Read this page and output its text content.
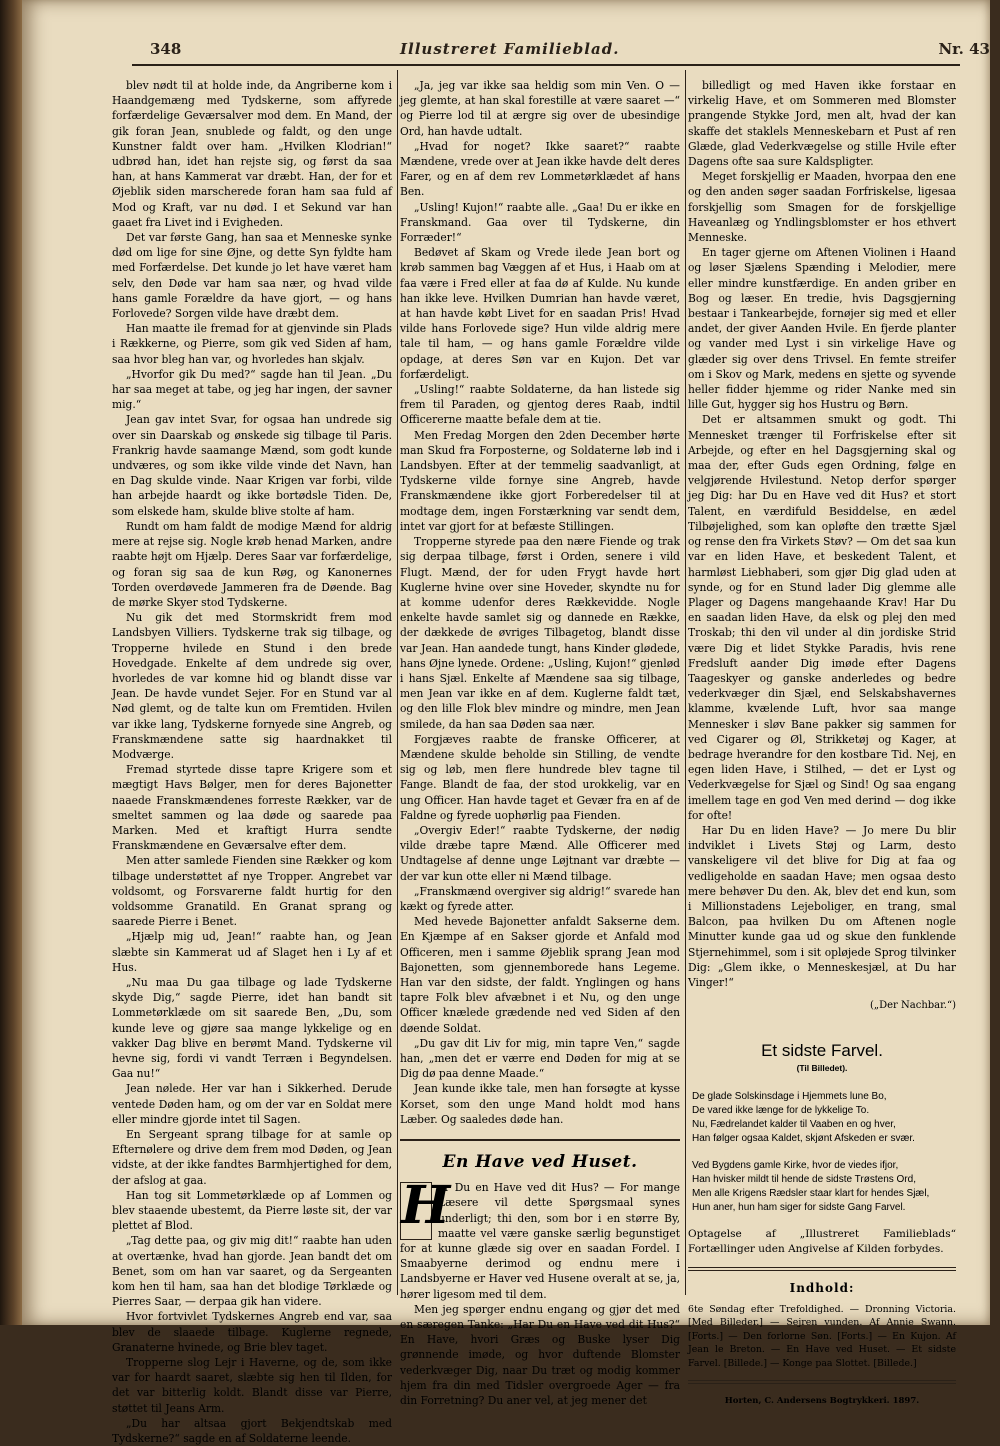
348	Illustreret Familieblad.	Nr. 43

blev nødt til at holde inde, da Angriberne kom i Haandgemæng med Tydskerne, som affyrede forfærdelige Geværsalver mod dem. En Mand, der gik foran Jean, snublede og faldt, og den unge Kunstner faldt over ham. „Hvilken Klodrian!“ udbrød han, idet han rejste sig, og først da saa han, at hans Kammerat var dræbt. Han, der for et Øjeblik siden marscherede foran ham saa fuld af Mod og Kraft, var nu død. I et Sekund var han gaaet fra Livet ind i Evigheden.

Det var første Gang, han saa et Menneske synke død om lige for sine Øjne, og dette Syn fyldte ham med Forfærdelse. Det kunde jo let have været ham selv, den Døde var ham saa nær, og hvad vilde hans gamle Forældre da have gjort, — og hans Forlovede? Sorgen vilde have dræbt dem.

Han maatte ile fremad for at gjenvinde sin Plads i Rækkerne, og Pierre, som gik ved Siden af ham, saa hvor bleg han var, og hvorledes han skjalv.

„Hvorfor gik Du med?“ sagde han til Jean. „Du har saa meget at tabe, og jeg har ingen, der savner mig.“

Jean gav intet Svar, for ogsaa han undrede sig over sin Daarskab og ønskede sig tilbage til Paris. Frankrig havde saamange Mænd, som godt kunde undværes, og som ikke vilde vinde det Navn, han en Dag skulde vinde. Naar Krigen var forbi, vilde han arbejde haardt og ikke bortødsle Tiden. De, som elskede ham, skulde blive stolte af ham.

Rundt om ham faldt de modige Mænd for aldrig mere at rejse sig. Nogle krøb henad Marken, andre raabte højt om Hjælp. Deres Saar var forfærdelige, og foran sig saa de kun Røg, og Kanonernes Torden overdøvede Jammeren fra de Døende. Bag de mørke Skyer stod Tydskerne.

Nu gik det med Stormskridt frem mod Landsbyen Villiers. Tydskerne trak sig tilbage, og Tropperne hvilede en Stund i den brede Hovedgade. Enkelte af dem undrede sig over, hvorledes de var komne hid og blandt disse var Jean. De havde vundet Sejer. For en Stund var al Nød glemt, og de talte kun om Fremtiden. Hvilen var ikke lang, Tydskerne fornyede sine Angreb, og Franskmændene satte sig haardnakket til Modværge.

Fremad styrtede disse tapre Krigere som et mægtigt Havs Bølger, men for deres Bajonetter naaede Franskmændenes forreste Rækker, var de smeltet sammen og laa døde og saarede paa Marken. Med et kraftigt Hurra sendte Franskmændene en Geværsalve efter dem.

Men atter samlede Fienden sine Rækker og kom tilbage understøttet af nye Tropper. Angrebet var voldsomt, og Forsvarerne faldt hurtig for den voldsomme Granatild. En Granat sprang og saarede Pierre i Benet.

„Hjælp mig ud, Jean!“ raabte han, og Jean slæbte sin Kammerat ud af Slaget hen i Ly af et Hus.

„Nu maa Du gaa tilbage og lade Tydskerne skyde Dig,“ sagde Pierre, idet han bandt sit Lommetørklæde om sit saarede Ben, „Du, som kunde leve og gjøre saa mange lykkelige og en vakker Dag blive en berømt Mand. Tydskerne vil hevne sig, fordi vi vandt Terræn i Begyndelsen. Gaa nu!“

Jean nølede. Her var han i Sikkerhed. Derude ventede Døden ham, og om der var en Soldat mere eller mindre gjorde intet til Sagen.

En Sergeant sprang tilbage for at samle op Efternølere og drive dem frem mod Døden, og Jean vidste, at der ikke fandtes Barmhjertighed for dem, der afslog at gaa.

Han tog sit Lommetørklæde op af Lommen og blev staaende ubestemt, da Pierre løste sit, der var plettet af Blod.

„Tag dette paa, og giv mig dit!“ raabte han uden at overtænke, hvad han gjorde. Jean bandt det om Benet, som om han var saaret, og da Sergeanten kom hen til ham, saa han det blodige Tørklæde og Pierres Saar, — derpaa gik han videre.

Hvor fortvivlet Tydskernes Angreb end var, saa blev de slaaede tilbage. Kuglerne regnede, Granaterne hvinede, og Brie blev taget.

Tropperne slog Lejr i Haverne, og de, som ikke var for haardt saaret, slæbte sig hen til Ilden, for det var bitterlig koldt. Blandt disse var Pierre, støttet til Jeans Arm.

„Du har altsaa gjort Bekjendtskab med Tydskerne?“ sagde en af Soldaterne leende.

„Ja, jeg var ikke saa heldig som min Ven. O — jeg glemte, at han skal forestille at være saaret —“ og Pierre lod til at ærgre sig over de ubesindige Ord, han havde udtalt.

„Hvad for noget? Ikke saaret?“ raabte Mændene, vrede over at Jean ikke havde delt deres Farer, og en af dem rev Lommetørklædet af hans Ben.

„Usling! Kujon!“ raabte alle. „Gaa! Du er ikke en Franskmand. Gaa over til Tydskerne, din Forræder!“

Bedøvet af Skam og Vrede ilede Jean bort og krøb sammen bag Væggen af et Hus, i Haab om at faa være i Fred eller at faa dø af Kulde. Nu kunde han ikke leve. Hvilken Dumrian han havde været, at han havde købt Livet for en saadan Pris! Hvad vilde hans Forlovede sige? Hun vilde aldrig mere tale til ham, — og hans gamle Forældre vilde opdage, at deres Søn var en Kujon. Det var forfærdeligt.

„Usling!“ raabte Soldaterne, da han listede sig frem til Paraden, og gjentog deres Raab, indtil Officererne maatte befale dem at tie.

Men Fredag Morgen den 2den December hørte man Skud fra Forposterne, og Soldaterne løb ind i Landsbyen. Efter at der temmelig saadvanligt, at Tydskerne vilde fornye sine Angreb, havde Franskmændene ikke gjort Forberedelser til at modtage dem, ingen Forstærkning var sendt dem, intet var gjort for at befæste Stillingen.

Tropperne styrede paa den nære Fiende og trak sig derpaa tilbage, først i Orden, senere i vild Flugt. Mænd, der for uden Frygt havde hørt Kuglerne hvine over sine Hoveder, skyndte nu for at komme udenfor deres Rækkevidde. Nogle enkelte havde samlet sig og dannede en Række, der dækkede de øvriges Tilbagetog, blandt disse var Jean. Han aandede tungt, hans Kinder glødede, hans Øjne lynede. Ordene: „Usling, Kujon!“ gjenlød i hans Sjæl. Enkelte af Mændene saa sig tilbage, men Jean var ikke en af dem. Kuglerne faldt tæt, og den lille Flok blev mindre og mindre, men Jean smilede, da han saa Døden saa nær.

Forgjæves raabte de franske Officerer, at Mændene skulde beholde sin Stilling, de vendte sig og løb, men flere hundrede blev tagne til Fange. Blandt de faa, der stod urokkelig, var en ung Officer. Han havde taget et Gevær fra en af de Faldne og fyrede uophørlig paa Fienden.

„Overgiv Eder!“ raabte Tydskerne, der nødig vilde dræbe tapre Mænd. Alle Officerer med Undtagelse af denne unge Løjtnant var dræbte — der var kun otte eller ni Mænd tilbage.

„Franskmænd overgiver sig aldrig!“ svarede han kækt og fyrede atter.

Med hevede Bajonetter anfaldt Sakserne dem. En Kjæmpe af en Sakser gjorde et Anfald mod Officeren, men i samme Øjeblik sprang Jean mod Bajonetten, som gjennemborede hans Legeme. Han var den sidste, der faldt. Ynglingen og hans tapre Folk blev afvæbnet i et Nu, og den unge Officer knælede grædende ned ved Siden af den døende Soldat.

„Du gav dit Liv for mig, min tapre Ven,“ sagde han, „men det er værre end Døden for mig at se Dig dø paa denne Maade.“

Jean kunde ikke tale, men han forsøgte at kysse Korset, som den unge Mand holdt mod hans Læber. Og saaledes døde han.

En Have ved Huset.
H

ar Du en Have ved dit Hus? — For mange Læsere vil dette Spørgsmaal synes underligt; thi den, som bor i en større By, maatte vel være ganske særlig begunstiget for at kunne glæde sig over en saadan Fordel. I Smaabyerne derimod og endnu mere i Landsbyerne er Haver ved Husene overalt at se, ja, hører ligesom med til dem.

Men jeg spørger endnu engang og gjør det med en særegen Tanke: „Har Du en Have ved dit Hus?“ En Have, hvori Græs og Buske lyser Dig grønnende imøde, og hvor duftende Blomster vederkvæger Dig, naar Du træt og modig kommer hjem fra din med Tidsler overgroede Ager — fra din Forretning? Du aner vel, at jeg mener det

billedligt og med Haven ikke forstaar en virkelig Have, et om Sommeren med Blomster prangende Stykke Jord, men alt, hvad der kan skaffe det staklels Menneskebarn et Pust af ren Glæde, glad Vederkvægelse og stille Hvile efter Dagens ofte saa sure Kaldspligter.

Meget forskjellig er Maaden, hvorpaa den ene og den anden søger saadan Forfriskelse, ligesaa forskjellig som Smagen for de forskjellige Haveanlæg og Yndlingsblomster er hos ethvert Menneske.

En tager gjerne om Aftenen Violinen i Haand og løser Sjælens Spænding i Melodier, mere eller mindre kunstfærdige. En anden griber en Bog og læser. En tredie, hvis Dagsgjerning bestaar i Tankearbejde, fornøjer sig med et eller andet, der giver Aanden Hvile. En fjerde planter og vander med Lyst i sin virkelige Have og glæder sig over dens Trivsel. En femte streifer om i Skov og Mark, medens en sjette og syvende heller fidder hjemme og rider Nanke med sin lille Gut, hygger sig hos Hustru og Børn.

Det er altsammen smukt og godt. Thi Mennesket trænger til Forfriskelse efter sit Arbejde, og efter en hel Dagsgjerning skal og maa der, efter Guds egen Ordning, følge en velgjørende Hvilestund. Netop derfor spørger jeg Dig: har Du en Have ved dit Hus? et stort Talent, en værdifuld Besiddelse, en ædel Tilbøjelighed, som kan opløfte den trætte Sjæl og rense den fra Virkets Støv? — Om det saa kun var en liden Have, et beskedent Talent, et harmløst Liebhaberi, som gjør Dig glad uden at synde, og for en Stund lader Dig glemme alle Plager og Dagens mangehaande Krav! Har Du en saadan liden Have, da elsk og plej den med Troskab; thi den vil under al din jordiske Strid være Dig et lidet Stykke Paradis, hvis rene Fredsluft aander Dig imøde efter Dagens Taageskyer og ganske anderledes og bedre vederkvæger din Sjæl, end Selskabshavernes klamme, kvælende Luft, hvor saa mange Mennesker i sløv Bane pakker sig sammen for ved Cigarer og Øl, Strikketøj og Kager, at bedrage hverandre for den kostbare Tid. Nej, en egen liden Have, i Stilhed, — det er Lyst og Vederkvægelse for Sjæl og Sind! Og saa engang imellem tage en god Ven med derind — dog ikke for ofte!

Har Du en liden Have? — Jo mere Du blir indviklet i Livets Støj og Larm, desto vanskeligere vil det blive for Dig at faa og vedligeholde en saadan Have; men ogsaa desto mere behøver Du den. Ak, blev det end kun, som i Millionstadens Lejeboliger, en trang, smal Balcon, paa hvilken Du om Aftenen nogle Minutter kunde gaa ud og skue den funklende Stjernehimmel, som i sit opløjede Sprog tilvinker Dig: „Glem ikke, o Menneskesjæl, at Du har Vinger!“

(„Der Nachbar.“)
Et sidste Farvel.
(Til Billedet).
De glade Solskinsdage i Hjemmets lune Bo,
De vared ikke længe for de lykkelige To.
Nu, Fædrelandet kalder til Vaaben en og hver,
Han følger ogsaa Kaldet, skjønt Afskeden er svær.
Ved Bygdens gamle Kirke, hvor de viedes ifjor,
Han hvisker mildt til hende de sidste Trøstens Ord,
Men alle Krigens Rædsler staar klart for hendes Sjæl,
Hun aner, hun ham siger for sidste Gang Farvel.
Optagelse af „Illustreret Familieblads“ Fortællinger uden Angivelse af Kilden forbydes.
Indhold:
6te Søndag efter Trefoldighed. — Dronning Victoria. [Med Billeder.] — Sejren vunden. Af Annie Swann. [Forts.] — Den forlorne Søn. [Forts.] — En Kujon. Af Jean le Breton. — En Have ved Huset. — Et sidste Farvel. [Billede.] — Konge paa Slottet. [Billede.]
Horten, C. Andersens Bogtrykkeri. 1897.
